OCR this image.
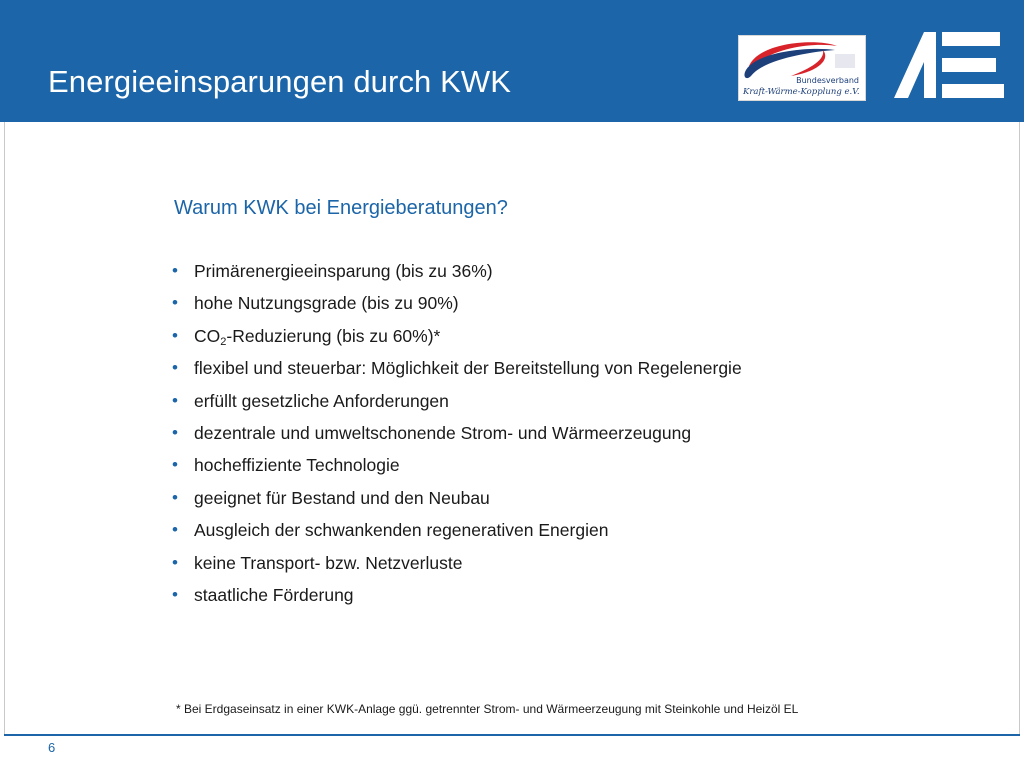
Energieeinsparungen durch KWK	Bundesverband
Kraft-Wärme-Kopplung e.V.
Warum KWK bei Energieberatungen?
• Primärenergieeinsparung (bis zu 36%)
• hohe Nutzungsgrade (bis zu 90%)
• $CO_2$-Reduzierung (bis zu 60%)*
• flexibel und steuerbar: Möglichkeit der Bereitstellung von Regelenergie
• erfüllt gesetzliche Anforderungen
• dezentrale und umweltschonende Strom- und Wärmeerzeugung
• hocheffiziente Technologie
• geeignet für Bestand und den Neubau
• Ausgleich der schwankenden regenerativen Energien
• keine Transport- bzw. Netzverluste
• staatliche Förderung
* Bei Erdgaseinsatz in einer KWK-Anlage ggü. getrennter Strom- und Wärmeerzeugung mit Steinkohle und Heizöl EL
6
